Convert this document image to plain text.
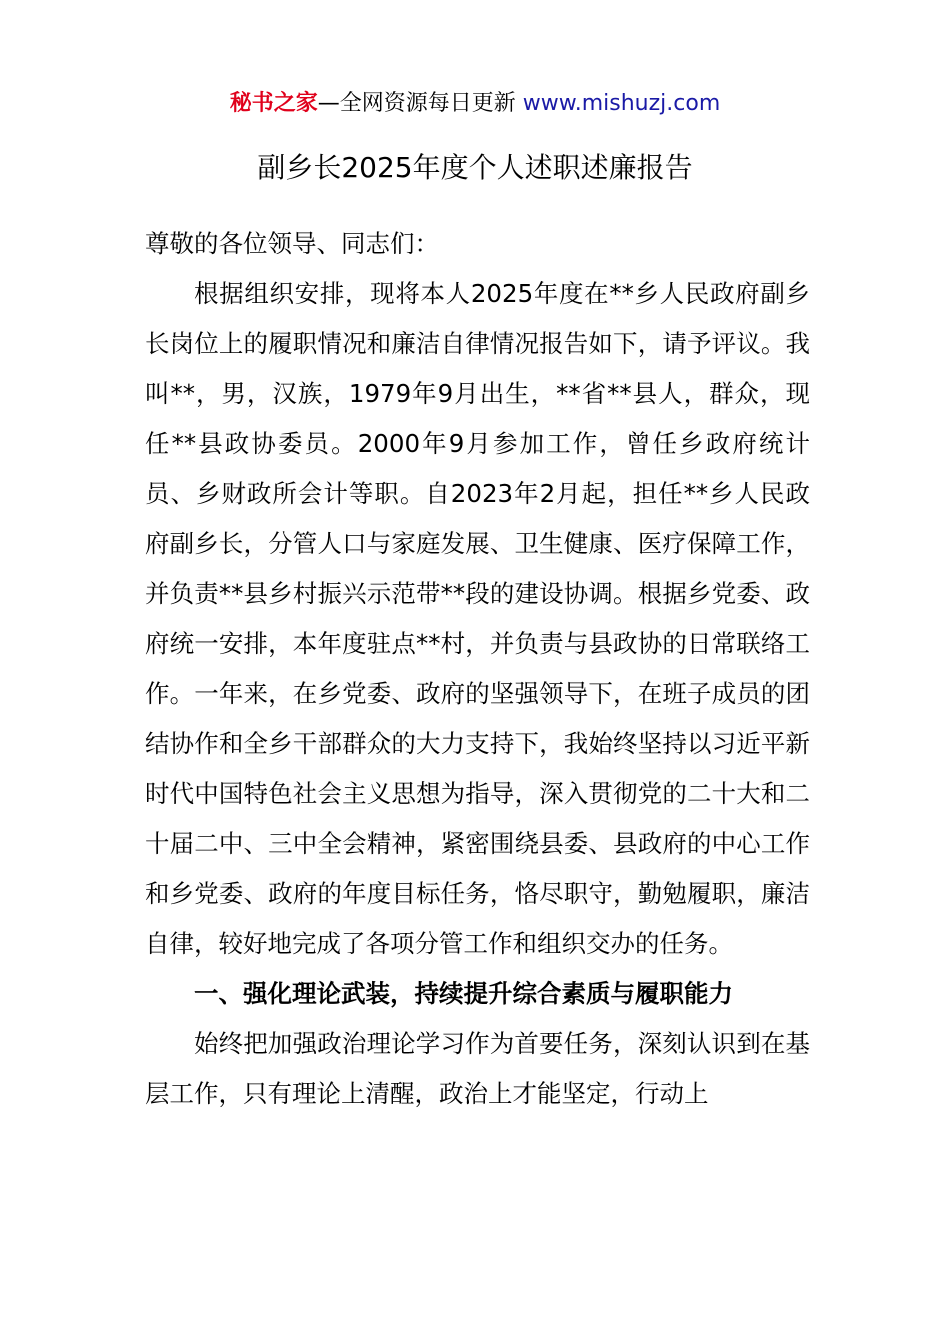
秘书之家—全网资源每日更新 www.mishuzj.com
副乡长2025年度个人述职述廉报告

尊敬的各位领导、同志们：

根据组织安排，现将本人2025年度在**乡人民政府副乡长岗位上的履职情况和廉洁自律情况报告如下，请予评议。我叫**，男，汉族，1979年9月出生，**省**县人，群众，现任**县政协委员。2000年9月参加工作，曾任乡政府统计员、乡财政所会计等职。自2023年2月起，担任**乡人民政府副乡长，分管人口与家庭发展、卫生健康、医疗保障工作，并负责**县乡村振兴示范带**段的建设协调。根据乡党委、政府统一安排，本年度驻点**村，并负责与县政协的日常联络工作。一年来，在乡党委、政府的坚强领导下，在班子成员的团结协作和全乡干部群众的大力支持下，我始终坚持以习近平新时代中国特色社会主义思想为指导，深入贯彻党的二十大和二十届二中、三中全会精神，紧密围绕县委、县政府的中心工作和乡党委、政府的年度目标任务，恪尽职守，勤勉履职，廉洁自律，较好地完成了各项分管工作和组织交办的任务。

一、强化理论武装，持续提升综合素质与履职能力

始终把加强政治理论学习作为首要任务，深刻认识到在基层工作，只有理论上清醒，政治上才能坚定，行动上
